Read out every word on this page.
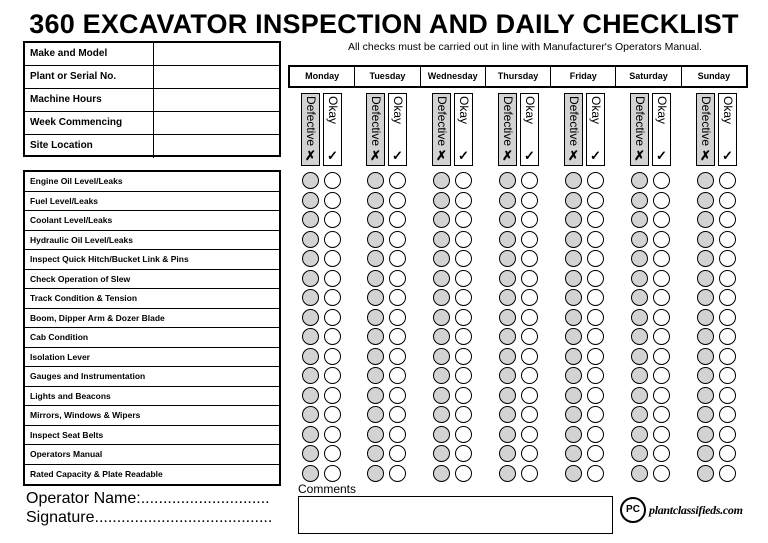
360 EXCAVATOR INSPECTION AND DAILY CHECKLIST
All checks must be carried out in line with Manufacturer's Operators Manual.
Make and Model
Plant or Serial No.
Machine Hours
Week Commencing
Site Location
Monday	Tuesday	Wednesday	Thursday	Friday	Saturday	Sunday
Defective
✗
Okay
✓
Defective
✗
Okay
✓
Defective
✗
Okay
✓
Defective
✗
Okay
✓
Defective
✗
Okay
✓
Defective
✗
Okay
✓
Defective
✗
Okay
✓
Engine Oil Level/Leaks
Fuel Level/Leaks
Coolant Level/Leaks
Hydraulic Oil Level/Leaks
Inspect Quick Hitch/Bucket Link & Pins
Check Operation of Slew
Track Condition & Tension
Boom, Dipper Arm & Dozer Blade
Cab Condition
Isolation Lever
Gauges and Instrumentation
Lights and Beacons
Mirrors, Windows & Wipers
Inspect Seat Belts
Operators Manual
Rated Capacity & Plate Readable
Operator Name:.............................
Signature........................................
Comments
PC plantclassifieds.com
